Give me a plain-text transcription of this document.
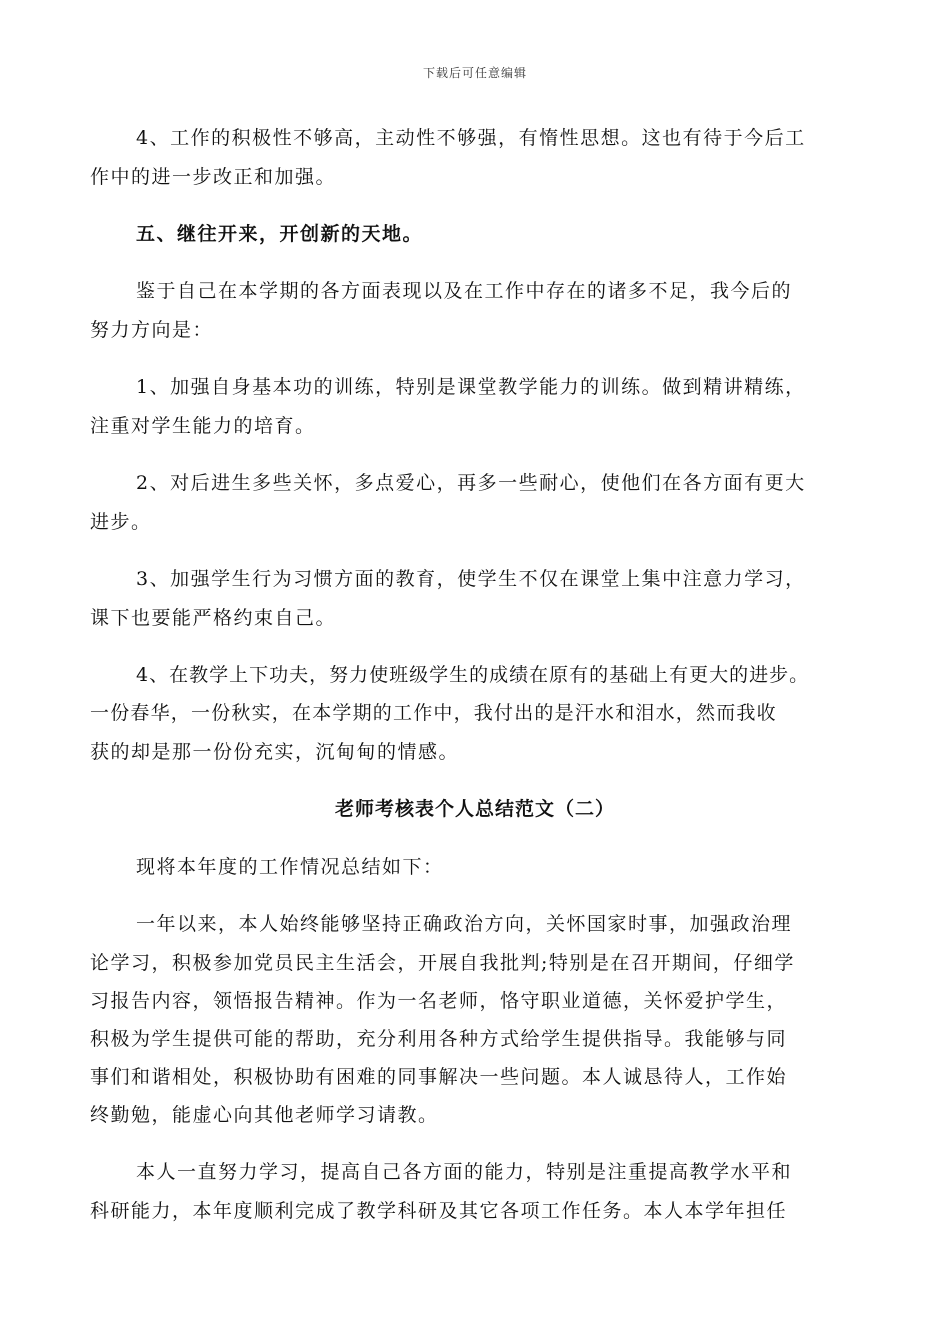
下载后可任意编辑
4、工作的积极性不够高，主动性不够强，有惰性思想。这也有待于今后工
作中的进一步改正和加强。
五、继往开来，开创新的天地。
鉴于自己在本学期的各方面表现以及在工作中存在的诸多不足，我今后的
努力方向是：
1、加强自身基本功的训练，特别是课堂教学能力的训练。做到精讲精练，
注重对学生能力的培育。
2、对后进生多些关怀，多点爱心，再多一些耐心，使他们在各方面有更大
进步。
3、加强学生行为习惯方面的教育，使学生不仅在课堂上集中注意力学习，
课下也要能严格约束自己。
4、在教学上下功夫，努力使班级学生的成绩在原有的基础上有更大的进步。
一份春华，一份秋实，在本学期的工作中，我付出的是汗水和泪水，然而我收
获的却是那一份份充实，沉甸甸的情感。
老师考核表个人总结范文（二）
现将本年度的工作情况总结如下：
一年以来，本人始终能够坚持正确政治方向，关怀国家时事，加强政治理
论学习，积极参加党员民主生活会，开展自我批判;特别是在召开期间，仔细学
习报告内容，领悟报告精神。作为一名老师，恪守职业道德，关怀爱护学生，
积极为学生提供可能的帮助，充分利用各种方式给学生提供指导。我能够与同
事们和谐相处，积极协助有困难的同事解决一些问题。本人诚恳待人，工作始
终勤勉，能虚心向其他老师学习请教。
本人一直努力学习，提高自己各方面的能力，特别是注重提高教学水平和
科研能力，本年度顺利完成了教学科研及其它各项工作任务。本人本学年担任
